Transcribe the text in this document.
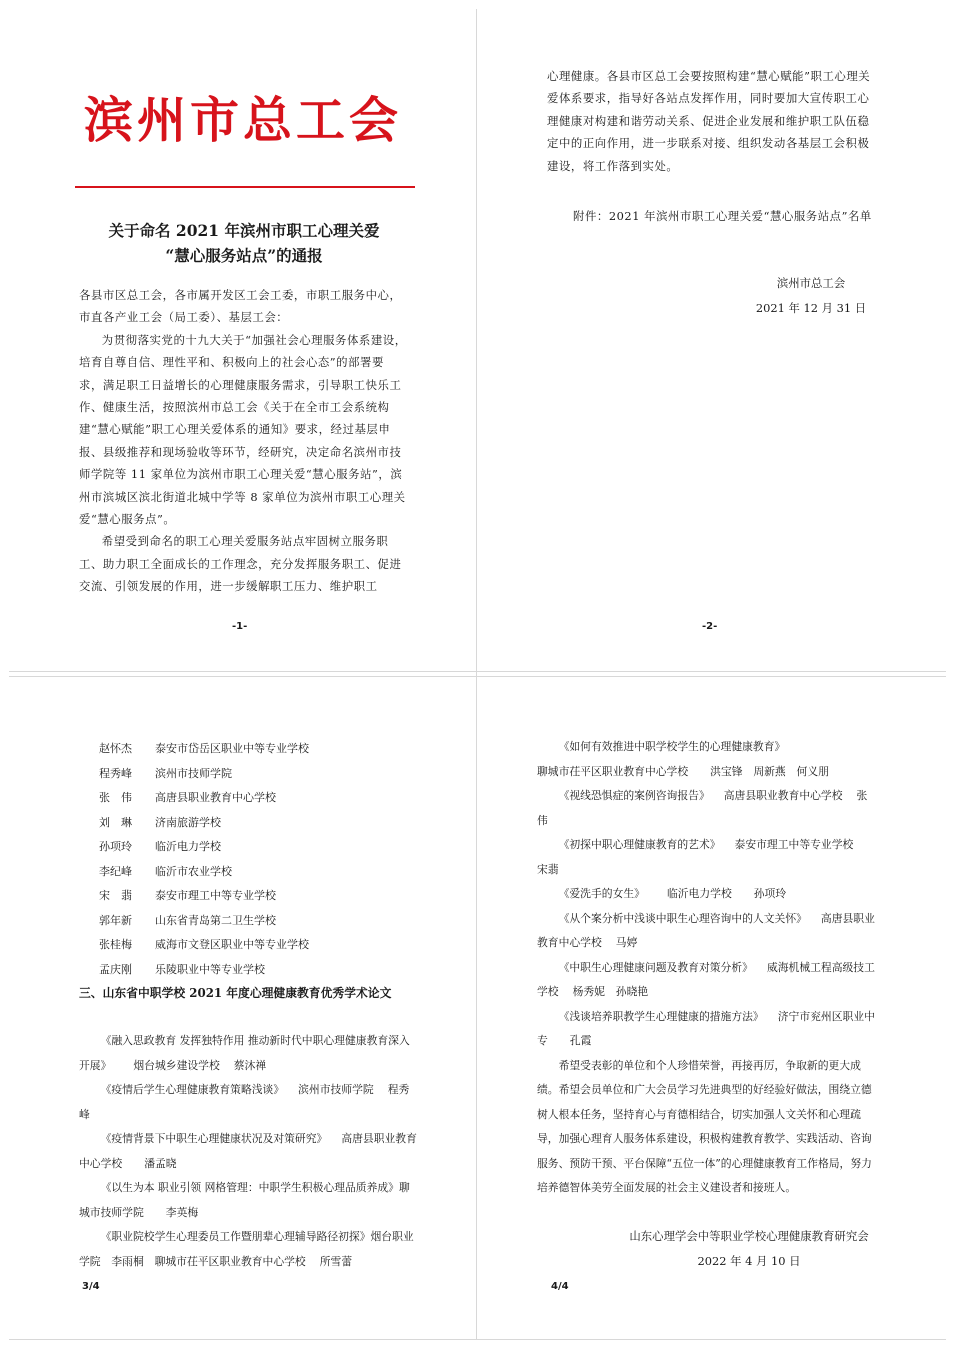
滨州市总工会
关于命名 2021 年滨州市职工心理关爱
“慧心服务站点”的通报

各县市区总工会，各市属开发区工会工委，市职工服务中心，

市直各产业工会（局工委）、基层工会：

为贯彻落实党的十九大关于“加强社会心理服务体系建设，培育自尊自信、理性平和、积极向上的社会心态”的部署要求，满足职工日益增长的心理健康服务需求，引导职工快乐工作、健康生活，按照滨州市总工会《关于在全市工会系统构建“慧心赋能”职工心理关爱体系的通知》要求，经过基层申报、县级推荐和现场验收等环节，经研究，决定命名滨州市技师学院等 11 家单位为滨州市职工心理关爱“慧心服务站”，滨州市滨城区滨北街道北城中学等 8 家单位为滨州市职工心理关爱“慧心服务点”。

希望受到命名的职工心理关爱服务站点牢固树立服务职工、助力职工全面成长的工作理念，充分发挥服务职工、促进交流、引领发展的作用，进一步缓解职工压力、维护职工

-1-

心理健康。各县市区总工会要按照构建“慧心赋能”职工心理关爱体系要求，指导好各站点发挥作用，同时要加大宣传职工心理健康对构建和谐劳动关系、促进企业发展和维护职工队伍稳定中的正向作用，进一步联系对接、组织发动各基层工会积极建设，将工作落到实处。

附件：2021 年滨州市职工心理关爱“慧心服务站点”名单
滨州市总工会
2021 年 12 月 31 日
-2-
赵怀杰 泰安市岱岳区职业中等专业学校
程秀峰 滨州市技师学院
张　伟 高唐县职业教育中心学校
刘　琳 济南旅游学校
孙项玲 临沂电力学校
李纪峰 临沂市农业学校
宋　翡 泰安市理工中等专业学校
郭年新 山东省青岛第二卫生学校
张桂梅 威海市文登区职业中等专业学校
孟庆刚 乐陵职业中等专业学校
三、山东省中职学校 2021 年度心理健康教育优秀学术论文

《融入思政教育 发挥独特作用 推动新时代中职心理健康教育深入开展》 烟台城乡建设学校 蔡沐禅

《疫情后学生心理健康教育策略浅谈》 滨州市技师学院 程秀峰

《疫情背景下中职生心理健康状况及对策研究》 高唐县职业教育中心学校 潘孟晓

《以生为本 职业引领 网格管理：中职学生积极心理品质养成》聊城市技师学院 李英梅

《职业院校学生心理委员工作暨朋辈心理辅导路径初探》烟台职业学院　李雨桐　聊城市茌平区职业教育中心学校 所雪蕾

3/4

《如何有效推进中职学校学生的心理健康教育》
聊城市茌平区职业教育中心学校 洪宝锋　周新燕　何义朋

《视线恐惧症的案例咨询报告》 高唐县职业教育中心学校 张伟

《初探中职心理健康教育的艺术》 泰安市理工中等专业学校宋翡

《爱洗手的女生》 临沂电力学校 孙项玲

《从个案分析中浅谈中职生心理咨询中的人文关怀》 高唐县职业教育中心学校 马婷

《中职生心理健康问题及教育对策分析》 威海机械工程高级技工学校 杨秀妮　孙晓艳

《浅谈培养职教学生心理健康的措施方法》 济宁市兖州区职业中专 孔霞

希望受表彰的单位和个人珍惜荣誉，再接再厉，争取新的更大成绩。希望会员单位和广大会员学习先进典型的好经验好做法，围绕立德树人根本任务，坚持育心与育德相结合，切实加强人文关怀和心理疏导，加强心理育人服务体系建设，积极构建教育教学、实践活动、咨询服务、预防干预、平台保障“五位一体”的心理健康教育工作格局，努力培养德智体美劳全面发展的社会主义建设者和接班人。

山东心理学会中等职业学校心理健康教育研究会
2022 年 4 月 10 日
4/4
